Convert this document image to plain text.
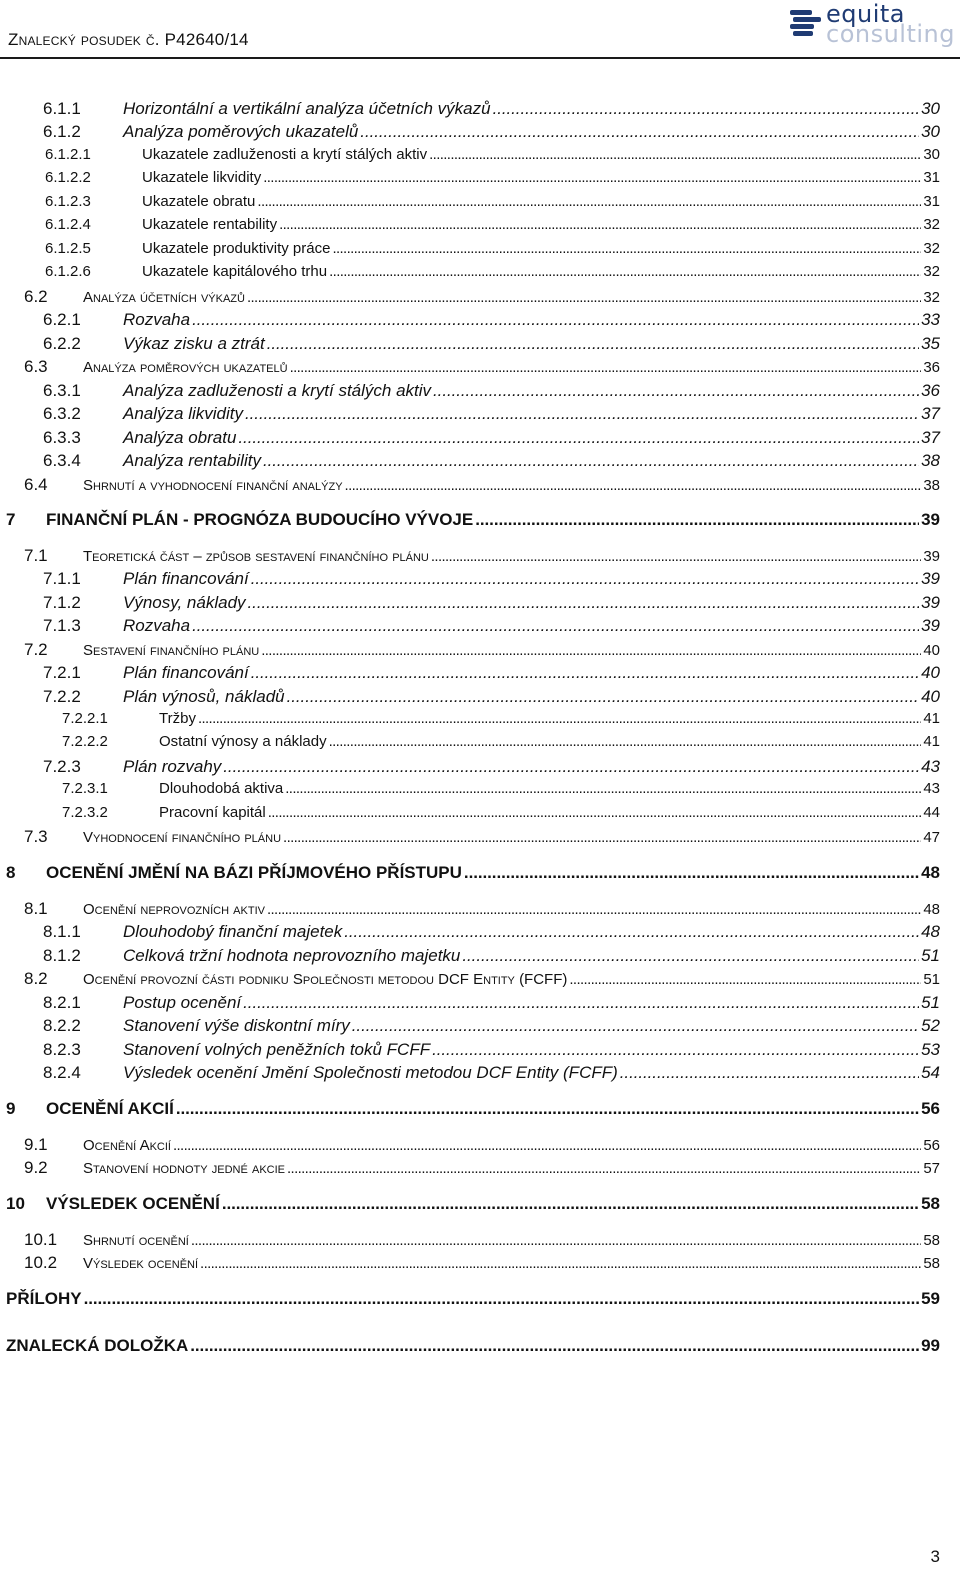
Znalecký posudek č. P42640/14
equita
consulting
6.1.1	Horizontální a vertikální analýza účetních výkazů . . .	30
6.1.2	Analýza poměrových ukazatelů . . .	30
6.1.2.1	Ukazatele zadluženosti a krytí stálých aktiv . . .	30
6.1.2.2	Ukazatele likvidity . . .	31
6.1.2.3	Ukazatele obratu . . .	31
6.1.2.4	Ukazatele rentability . . .	32
6.1.2.5	Ukazatele produktivity práce . . .	32
6.1.2.6	Ukazatele kapitálového trhu . . .	32
6.2	Analýza účetních výkazů . . .	32
6.2.1	Rozvaha . . .	33
6.2.2	Výkaz zisku a ztrát . . .	35
6.3	Analýza poměrových ukazatelů . . .	36
6.3.1	Analýza zadluženosti a krytí stálých aktiv . . .	36
6.3.2	Analýza likvidity . . .	37
6.3.3	Analýza obratu . . .	37
6.3.4	Analýza rentability . . .	38
6.4	Shrnutí a vyhodnocení finanční analýzy . . .	38
7	FINANČNÍ PLÁN - PROGNÓZA BUDOUCÍHO VÝVOJE . . .	39
7.1	Teoretická část – způsob sestavení finančního plánu . . .	39
7.1.1	Plán financování . . .	39
7.1.2	Výnosy, náklady . . .	39
7.1.3	Rozvaha . . .	39
7.2	Sestavení finančního plánu . . .	40
7.2.1	Plán financování . . .	40
7.2.2	Plán výnosů, nákladů . . .	40
7.2.2.1	Tržby . . .	41
7.2.2.2	Ostatní výnosy a náklady . . .	41
7.2.3	Plán rozvahy . . .	43
7.2.3.1	Dlouhodobá aktiva . . .	43
7.2.3.2	Pracovní kapitál . . .	44
7.3	Vyhodnocení finančního plánu . . .	47
8	OCENĚNÍ JMĚNÍ NA BÁZI PŘÍJMOVÉHO PŘÍSTUPU . . .	48
8.1	Ocenění neprovozních aktiv . . .	48
8.1.1	Dlouhodobý finanční majetek . . .	48
8.1.2	Celková tržní hodnota neprovozního majetku . . .	51
8.2	Ocenění provozní části podniku Společnosti metodou DCF Entity (FCFF) . . .	51
8.2.1	Postup ocenění . . .	51
8.2.2	Stanovení výše diskontní míry . . .	52
8.2.3	Stanovení volných peněžních toků FCFF . . .	53
8.2.4	Výsledek ocenění Jmění Společnosti metodou DCF Entity (FCFF) . . .	54
9	OCENĚNÍ AKCIÍ . . .	56
9.1	Ocenění Akcií . . .	56
9.2	Stanovení hodnoty jedné akcie . . .	57
10	VÝSLEDEK OCENĚNÍ . . .	58
10.1	Shrnutí ocenění . . .	58
10.2	Výsledek ocenění . . .	58
PŘÍLOHY . . .	59
ZNALECKÁ DOLOŽKA . . .	99
3
